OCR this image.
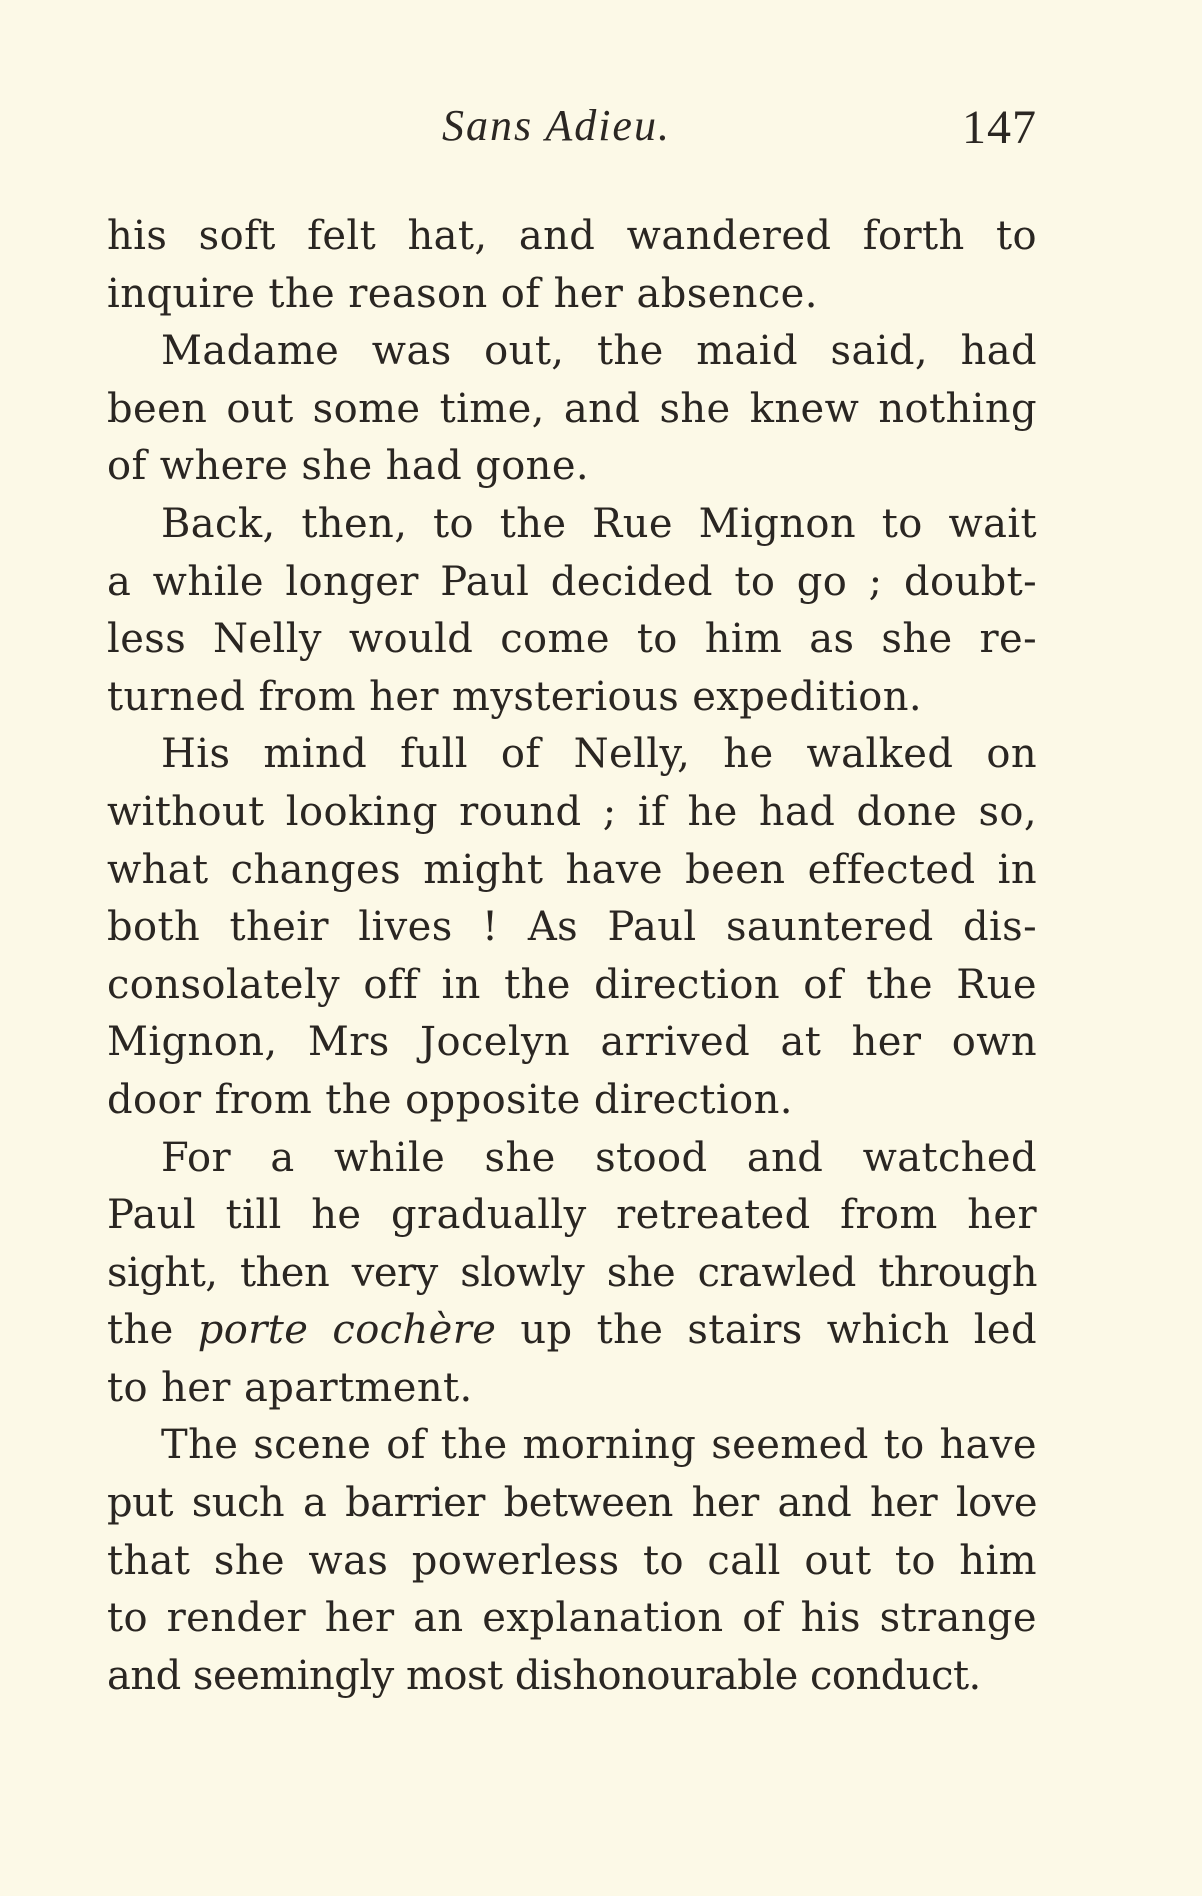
Sans Adieu.	147
his soft felt hat, and wandered forth to
inquire the reason of her absence.
Madame was out, the maid said, had
been out some time, and she knew nothing
of where she had gone.
Back, then, to the Rue Mignon to wait
a while longer Paul decided to go ; doubt-
less Nelly would come to him as she re-
turned from her mysterious expedition.
His mind full of Nelly, he walked on
without looking round ; if he had done so,
what changes might have been effected in
both their lives ! As Paul sauntered dis-
consolately off in the direction of the Rue
Mignon, Mrs Jocelyn arrived at her own
door from the opposite direction.
For a while she stood and watched
Paul till he gradually retreated from her
sight, then very slowly she crawled through
the porte cochère up the stairs which led
to her apartment.
The scene of the morning seemed to have
put such a barrier between her and her love
that she was powerless to call out to him
to render her an explanation of his strange
and seemingly most dishonourable conduct.
